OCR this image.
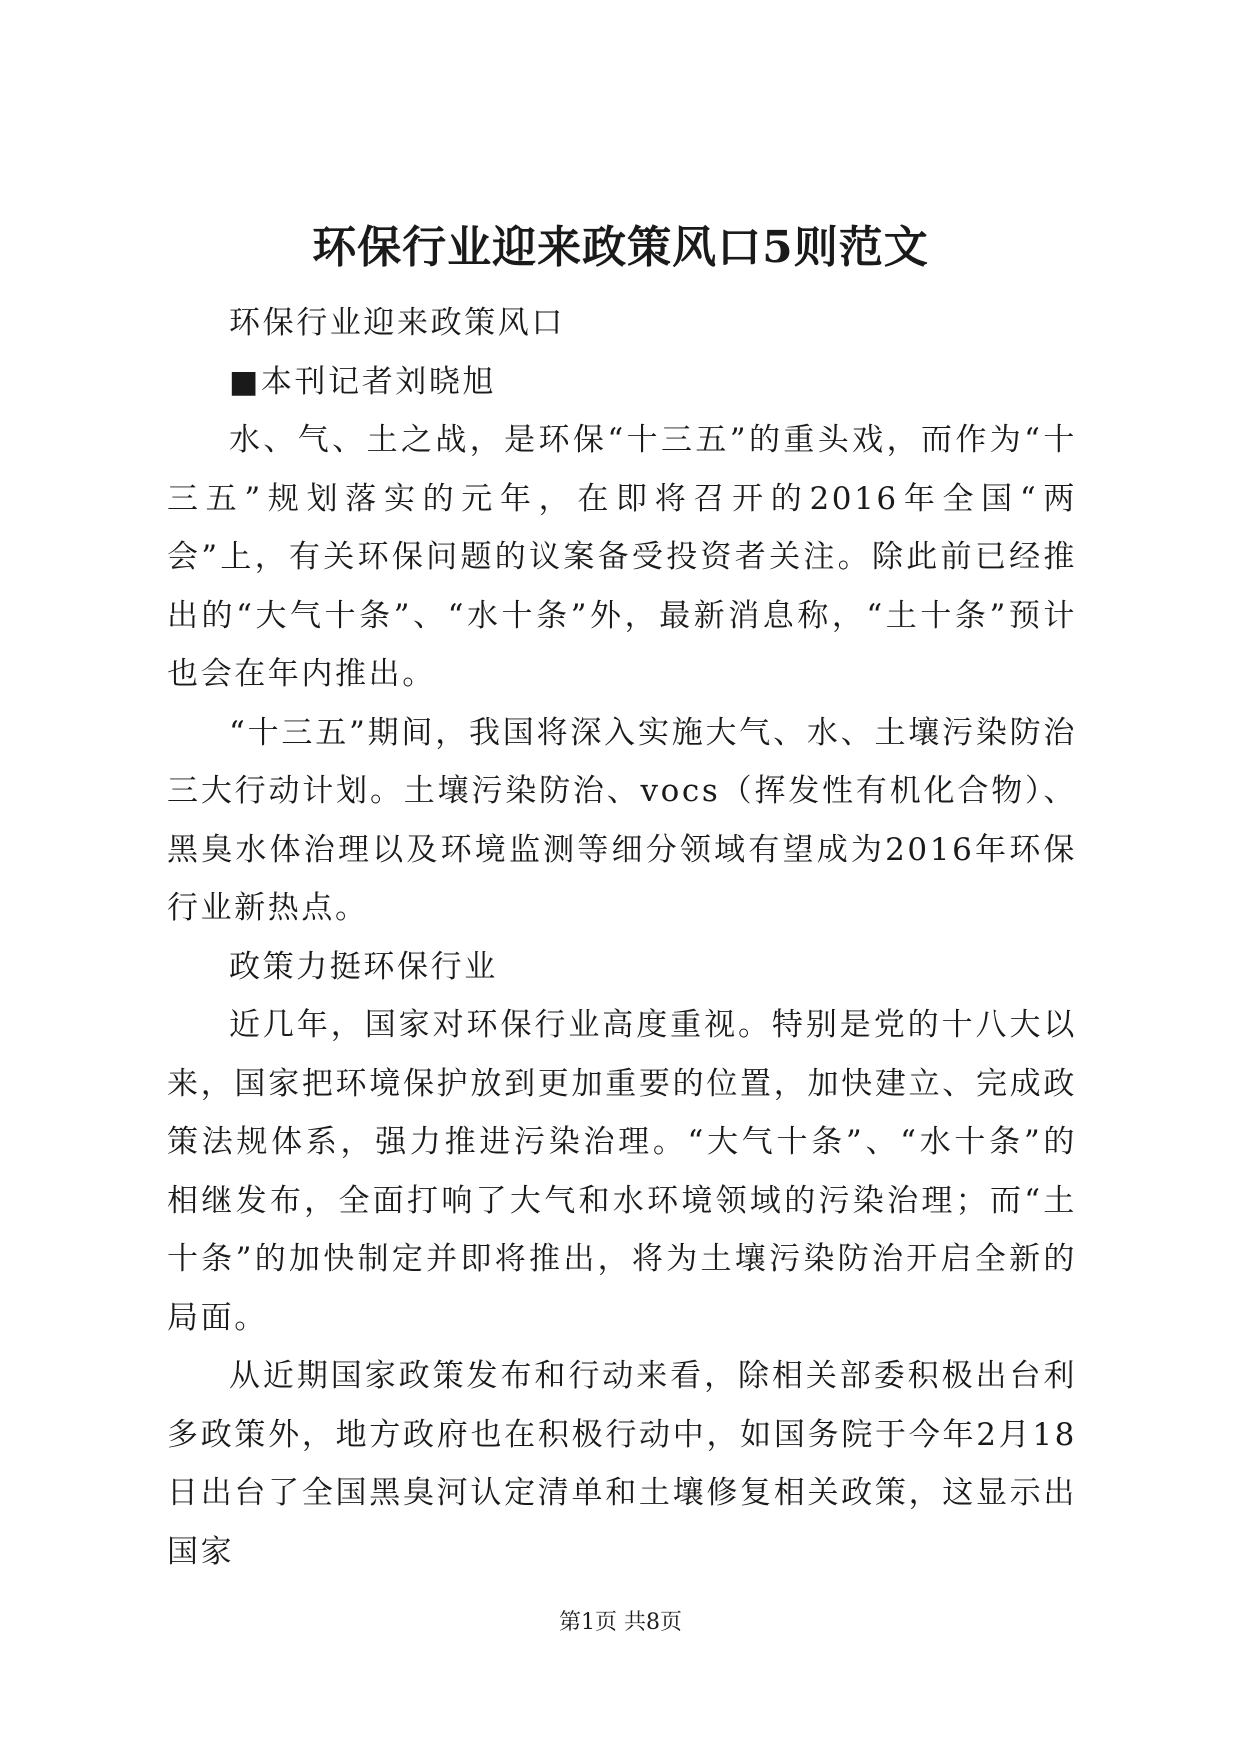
环保行业迎来政策风口5则范文

环保行业迎来政策风口

■本刊记者刘晓旭

水、气、土之战，是环保“十三五”的重头戏，而作为“十三五”规划落实的元年，在即将召开的2016年全国“两会”上，有关环保问题的议案备受投资者关注。除此前已经推出的“大气十条”、“水十条”外，最新消息称，“土十条”预计也会在年内推出。

“十三五”期间，我国将深入实施大气、水、土壤污染防治三大行动计划。土壤污染防治、vocs（挥发性有机化合物）、黑臭水体治理以及环境监测等细分领域有望成为2016年环保行业新热点。

政策力挺环保行业

近几年，国家对环保行业高度重视。特别是党的十八大以来，国家把环境保护放到更加重要的位置，加快建立、完成政策法规体系，强力推进污染治理。“大气十条”、“水十条”的相继发布，全面打响了大气和水环境领域的污染治理；而“土十条”的加快制定并即将推出，将为土壤污染防治开启全新的局面。

从近期国家政策发布和行动来看，除相关部委积极出台利多政策外，地方政府也在积极行动中，如国务院于今年2月18日出台了全国黑臭河认定清单和土壤修复相关政策，这显示出国家

第1页 共8页
